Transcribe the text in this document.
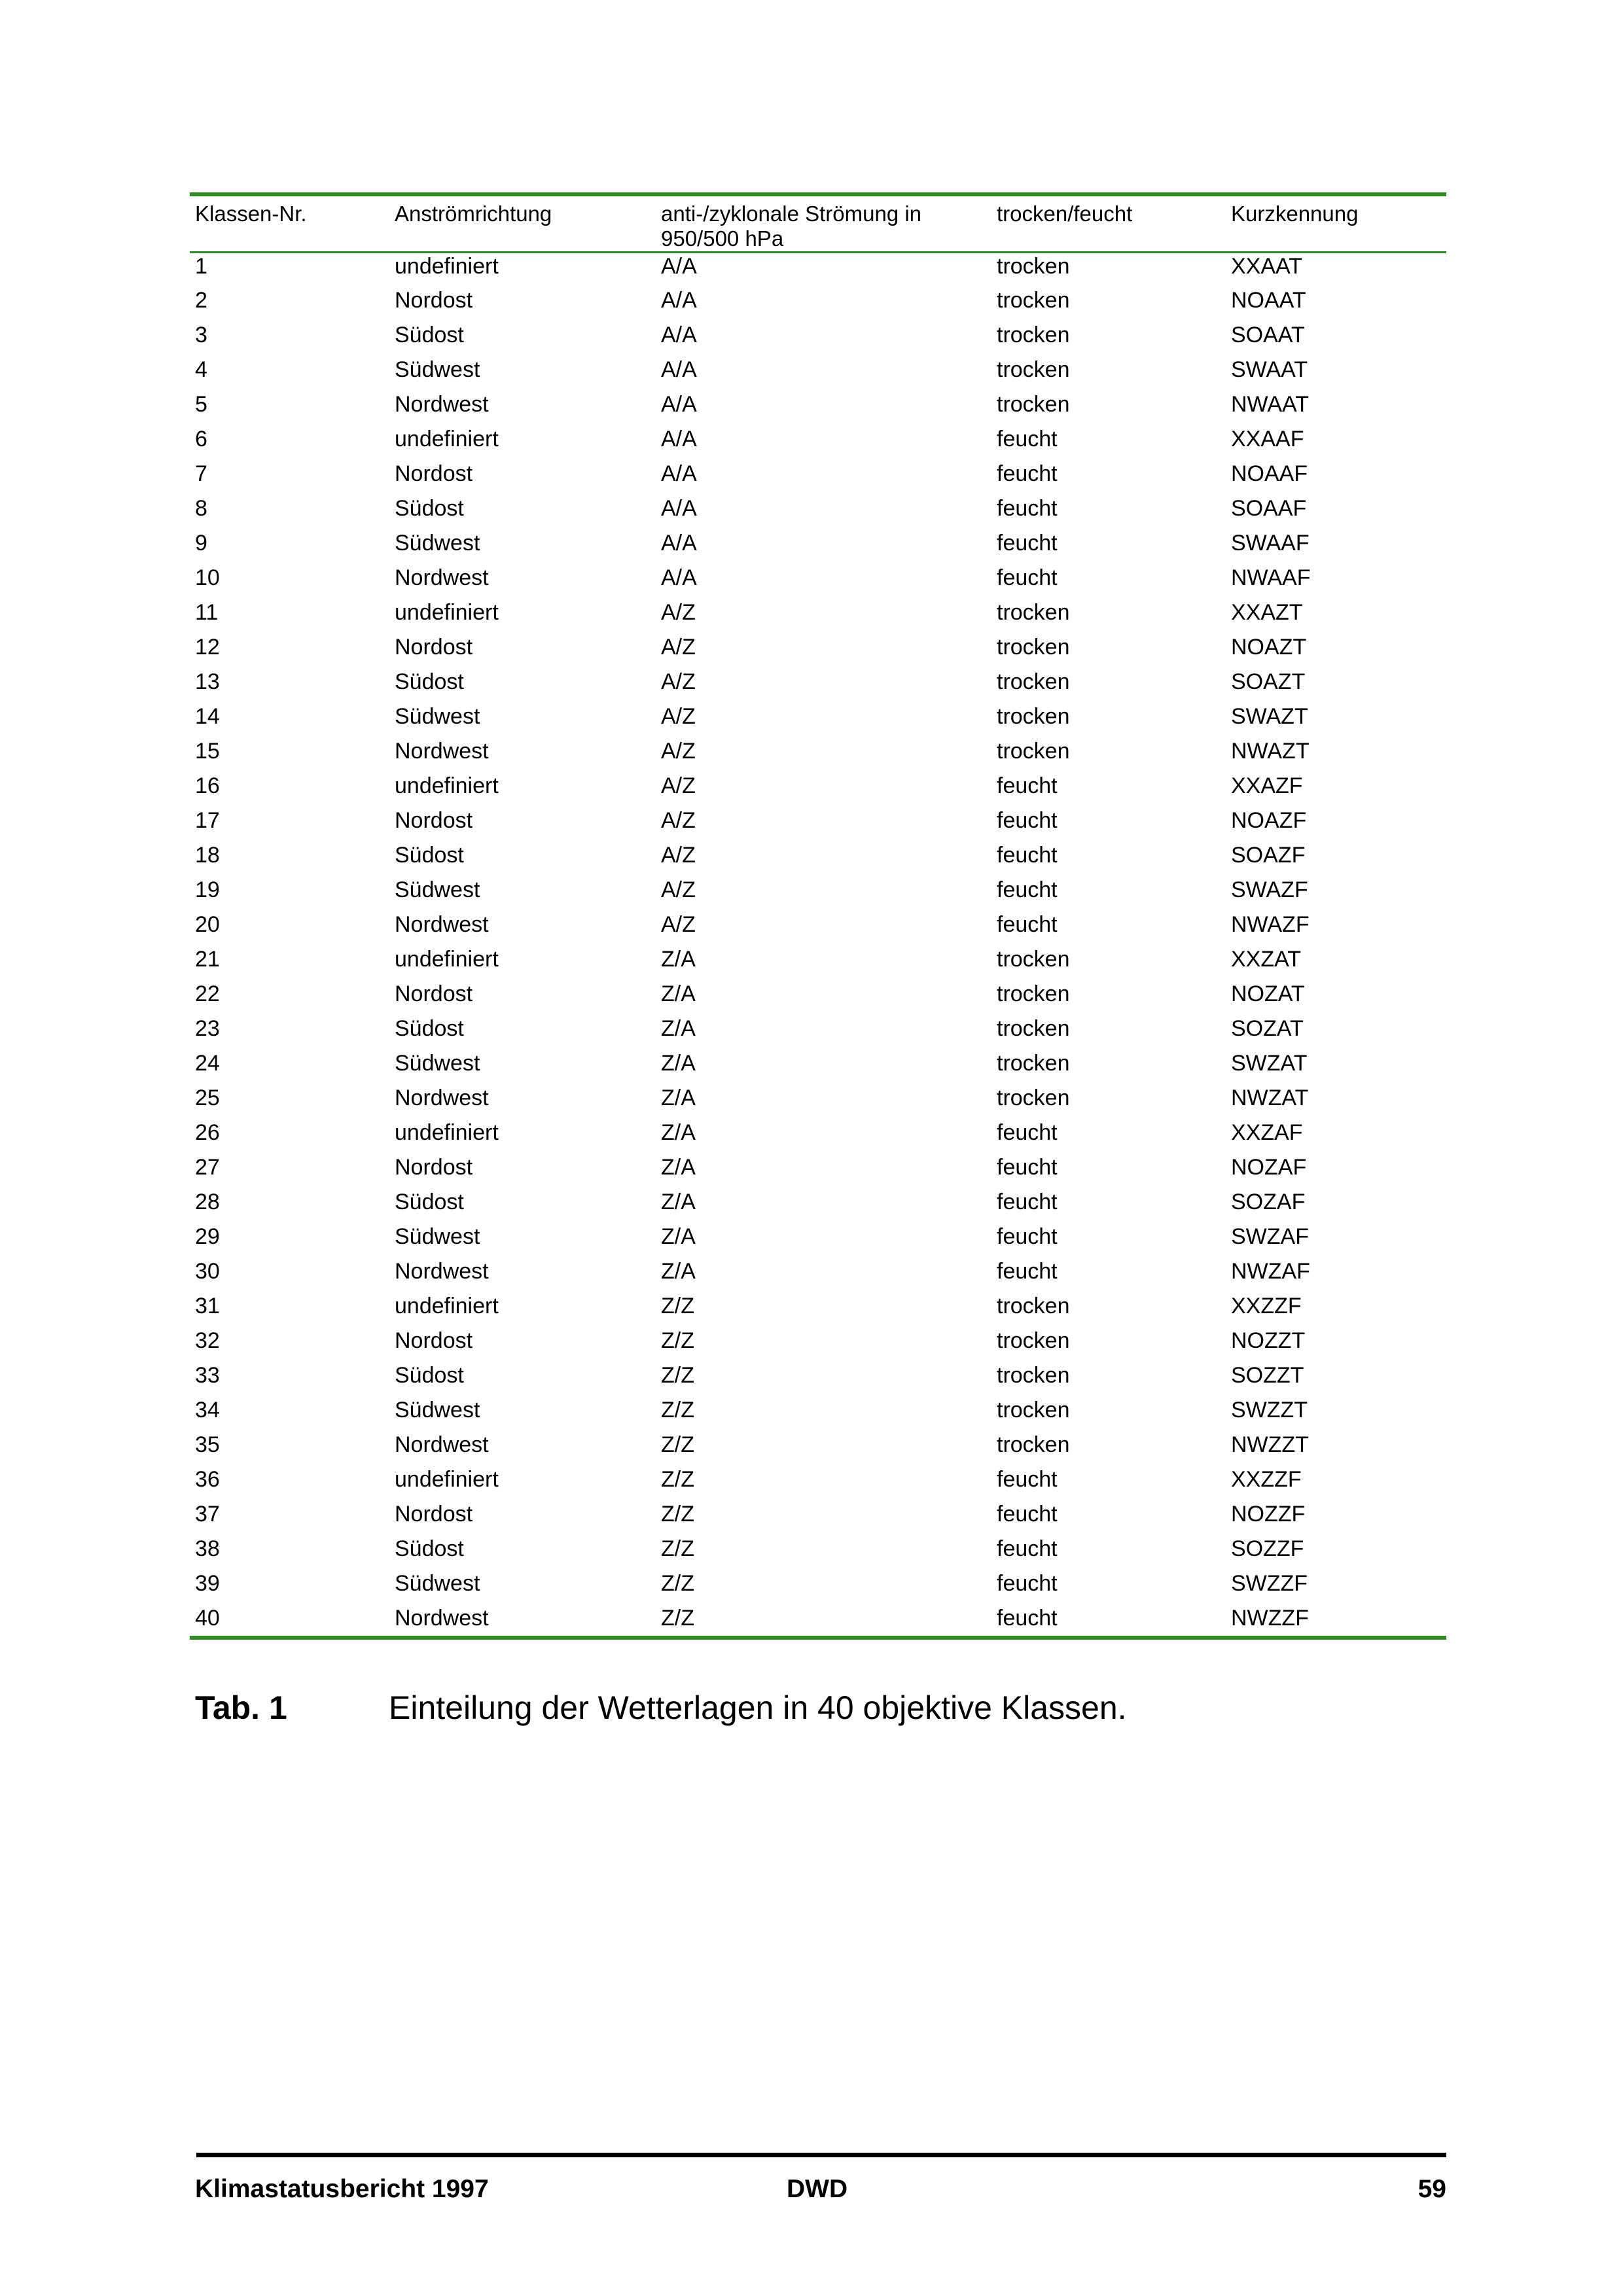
Klassen-Nr.	Anströmrichtung	anti-/zyklonale Strömung in 950/500 hPa	trocken/feucht	Kurzkennung
1	undefiniert	A/A	trocken	XXAAT
2	Nordost	A/A	trocken	NOAAT
3	Südost	A/A	trocken	SOAAT
4	Südwest	A/A	trocken	SWAAT
5	Nordwest	A/A	trocken	NWAAT
6	undefiniert	A/A	feucht	XXAAF
7	Nordost	A/A	feucht	NOAAF
8	Südost	A/A	feucht	SOAAF
9	Südwest	A/A	feucht	SWAAF
10	Nordwest	A/A	feucht	NWAAF
11	undefiniert	A/Z	trocken	XXAZT
12	Nordost	A/Z	trocken	NOAZT
13	Südost	A/Z	trocken	SOAZT
14	Südwest	A/Z	trocken	SWAZT
15	Nordwest	A/Z	trocken	NWAZT
16	undefiniert	A/Z	feucht	XXAZF
17	Nordost	A/Z	feucht	NOAZF
18	Südost	A/Z	feucht	SOAZF
19	Südwest	A/Z	feucht	SWAZF
20	Nordwest	A/Z	feucht	NWAZF
21	undefiniert	Z/A	trocken	XXZAT
22	Nordost	Z/A	trocken	NOZAT
23	Südost	Z/A	trocken	SOZAT
24	Südwest	Z/A	trocken	SWZAT
25	Nordwest	Z/A	trocken	NWZAT
26	undefiniert	Z/A	feucht	XXZAF
27	Nordost	Z/A	feucht	NOZAF
28	Südost	Z/A	feucht	SOZAF
29	Südwest	Z/A	feucht	SWZAF
30	Nordwest	Z/A	feucht	NWZAF
31	undefiniert	Z/Z	trocken	XXZZF
32	Nordost	Z/Z	trocken	NOZZT
33	Südost	Z/Z	trocken	SOZZT
34	Südwest	Z/Z	trocken	SWZZT
35	Nordwest	Z/Z	trocken	NWZZT
36	undefiniert	Z/Z	feucht	XXZZF
37	Nordost	Z/Z	feucht	NOZZF
38	Südost	Z/Z	feucht	SOZZF
39	Südwest	Z/Z	feucht	SWZZF
40	Nordwest	Z/Z	feucht	NWZZF
Tab. 1	Einteilung der Wetterlagen in 40 objektive Klassen.
Klimastatusbericht 1997	DWD	59
